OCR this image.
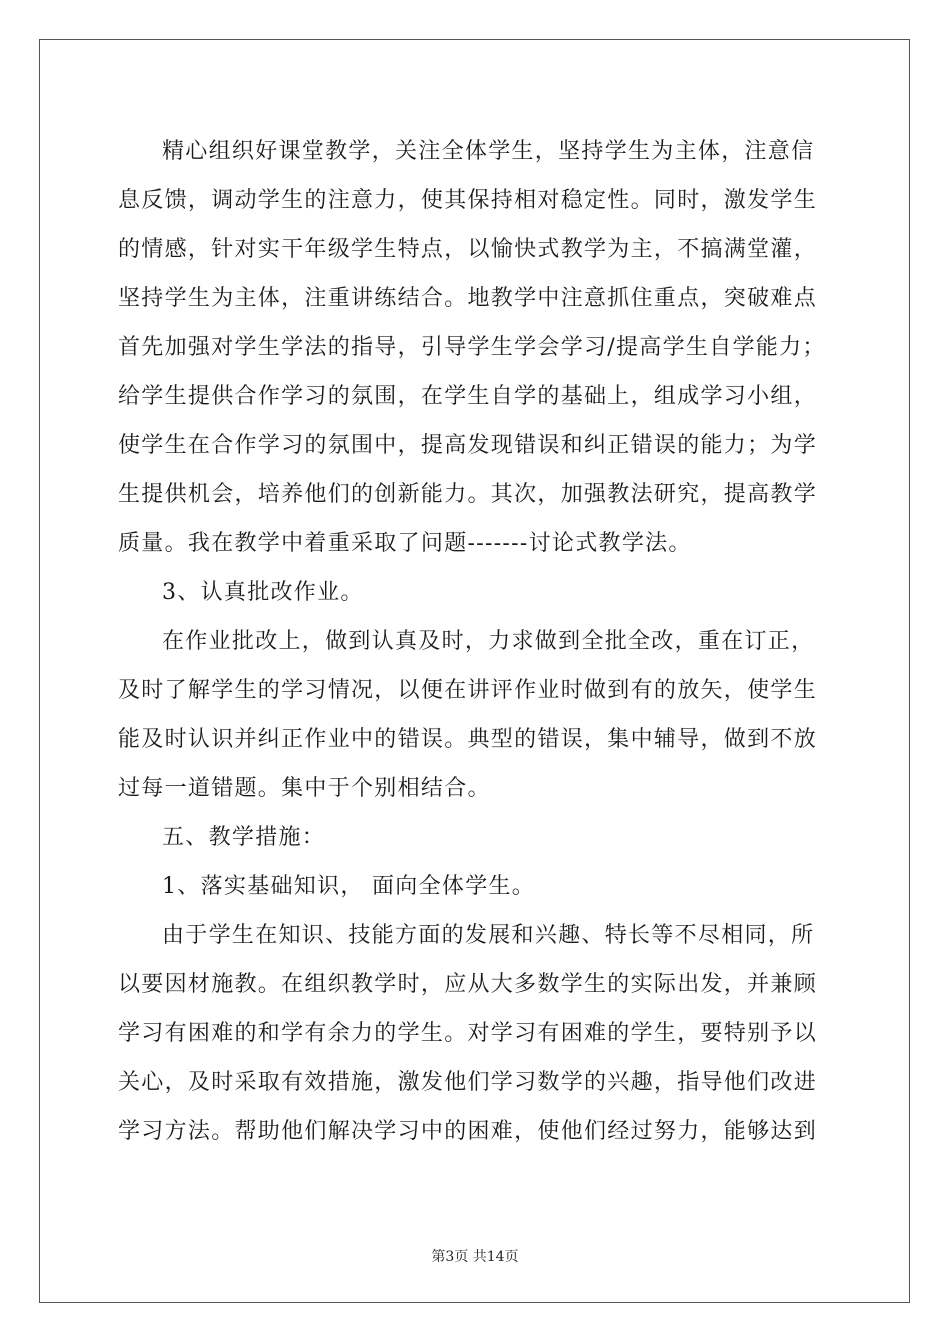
精心组织好课堂教学，关注全体学生，坚持学生为主体，注意信
息反馈，调动学生的注意力，使其保持相对稳定性。同时，激发学生
的情感，针对实干年级学生特点，以愉快式教学为主，不搞满堂灌，
坚持学生为主体，注重讲练结合。地教学中注意抓住重点，突破难点
首先加强对学生学法的指导，引导学生学会学习/提高学生自学能力；
给学生提供合作学习的氛围，在学生自学的基础上，组成学习小组，
使学生在合作学习的氛围中，提高发现错误和纠正错误的能力；为学
生提供机会，培养他们的创新能力。其次，加强教法研究，提高教学
质量。我在教学中着重采取了问题-------讨论式教学法。
3、认真批改作业。
在作业批改上，做到认真及时，力求做到全批全改，重在订正，
及时了解学生的学习情况，以便在讲评作业时做到有的放矢，使学生
能及时认识并纠正作业中的错误。典型的错误，集中辅导，做到不放
过每一道错题。集中于个别相结合。
五、教学措施：
1、落实基础知识， 面向全体学生。
由于学生在知识、技能方面的发展和兴趣、特长等不尽相同，所
以要因材施教。在组织教学时，应从大多数学生的实际出发，并兼顾
学习有困难的和学有余力的学生。对学习有困难的学生，要特别予以
关心，及时采取有效措施，激发他们学习数学的兴趣，指导他们改进
学习方法。帮助他们解决学习中的困难，使他们经过努力，能够达到
第3页 共14页
